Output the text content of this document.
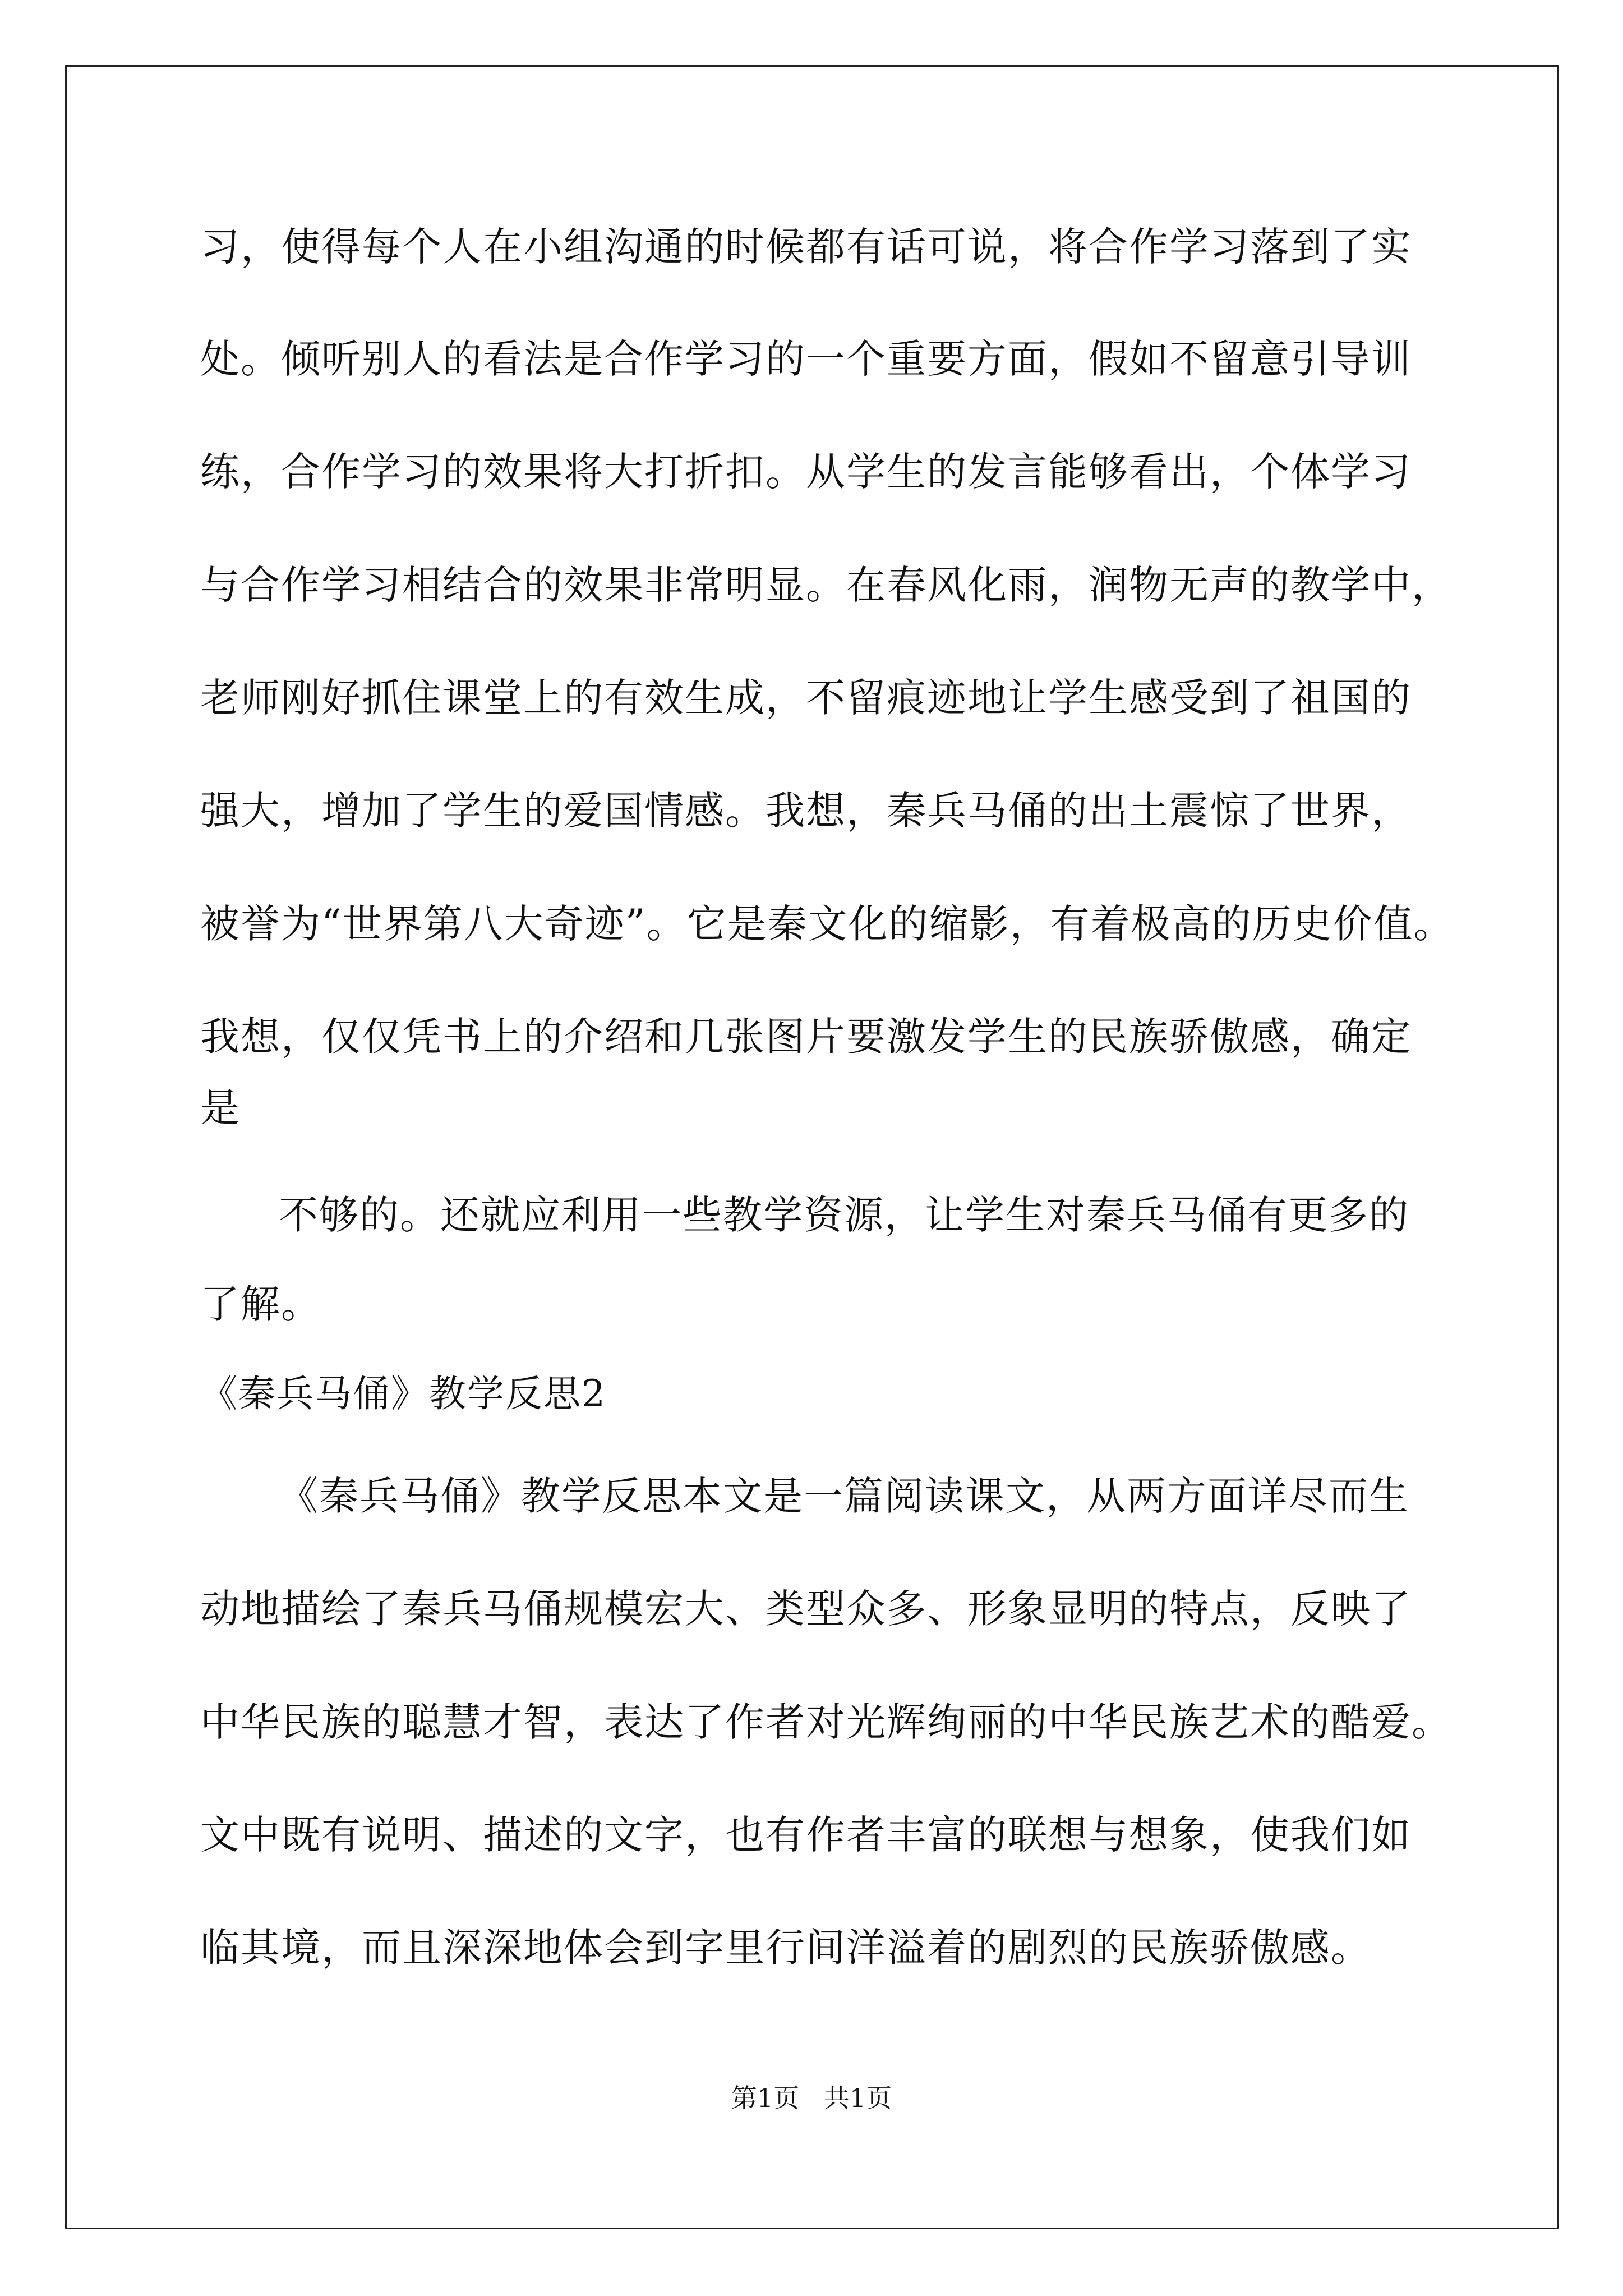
习，使得每个人在小组沟通的时候都有话可说，将合作学习落到了实
处。倾听别人的看法是合作学习的一个重要方面，假如不留意引导训
练，合作学习的效果将大打折扣。从学生的发言能够看出，个体学习
与合作学习相结合的效果非常明显。在春风化雨，润物无声的教学中，
老师刚好抓住课堂上的有效生成，不留痕迹地让学生感受到了祖国的
强大，增加了学生的爱国情感。我想，秦兵马俑的出土震惊了世界，
被誉为“世界第八大奇迹”。它是秦文化的缩影，有着极高的历史价值。
我想，仅仅凭书上的介绍和几张图片要激发学生的民族骄傲感，确定
是
不够的。还就应利用一些教学资源，让学生对秦兵马俑有更多的
了解。
《秦兵马俑》教学反思2
《秦兵马俑》教学反思本文是一篇阅读课文，从两方面详尽而生
动地描绘了秦兵马俑规模宏大、类型众多、形象显明的特点，反映了
中华民族的聪慧才智，表达了作者对光辉绚丽的中华民族艺术的酷爱。
文中既有说明、描述的文字，也有作者丰富的联想与想象，使我们如
临其境，而且深深地体会到字里行间洋溢着的剧烈的民族骄傲感。
第1页   共1页
